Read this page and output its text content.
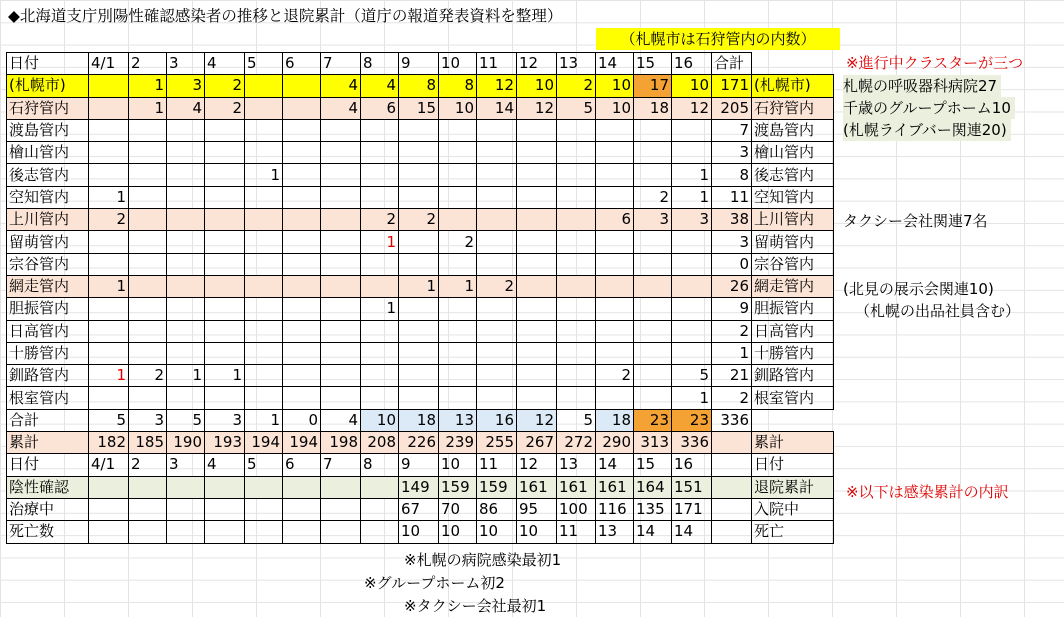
◆北海道支庁別陽性確認感染者の推移と退院累計（道庁の報道発表資料を整理）
（札幌市は石狩管内の内数）
日付	4/1	2	3	4	5	6	7	8	9	10	11	12	13	14	15	16	合計	
(札幌市)		1	3	2			4	4	8	8	12	10	2	10	17	10	171	(札幌市)
石狩管内		1	4	2			4	6	15	10	14	12	5	10	18	12	205	石狩管内
渡島管内																	7	渡島管内
檜山管内																	3	檜山管内
後志管内					1											1	8	後志管内
空知管内	1														2	1	11	空知管内
上川管内	2							2	2					6	3	3	38	上川管内
留萌管内								1		2							3	留萌管内
宗谷管内																	0	宗谷管内
網走管内	1								1	1	2						26	網走管内
胆振管内								1									9	胆振管内
日高管内																	2	日高管内
十勝管内																	1	十勝管内
釧路管内	1	2	1	1										2		5	21	釧路管内
根室管内																1	2	根室管内
合計	5	3	5	3	1	0	4	10	18	13	16	12	5	18	23	23	336	
累計	182	185	190	193	194	194	198	208	226	239	255	267	272	290	313	336		累計
日付	4/1	2	3	4	5	6	7	8	9	10	11	12	13	14	15	16		日付
陰性確認									149	159	159	161	161	161	164	151		退院累計
治療中									67	70	86	95	100	116	135	171		入院中
死亡数									10	10	10	10	11	13	14	14		死亡
※進行中クラスターが三つ
札幌の呼吸器科病院27
千歳のグループホーム10
(札幌ライブバー関連20)
タクシー会社関連7名
(北見の展示会関連10)
（札幌の出品社員含む）
※以下は感染累計の内訳
※札幌の病院感染最初1
※グループホーム初2
※タクシー会社最初1
